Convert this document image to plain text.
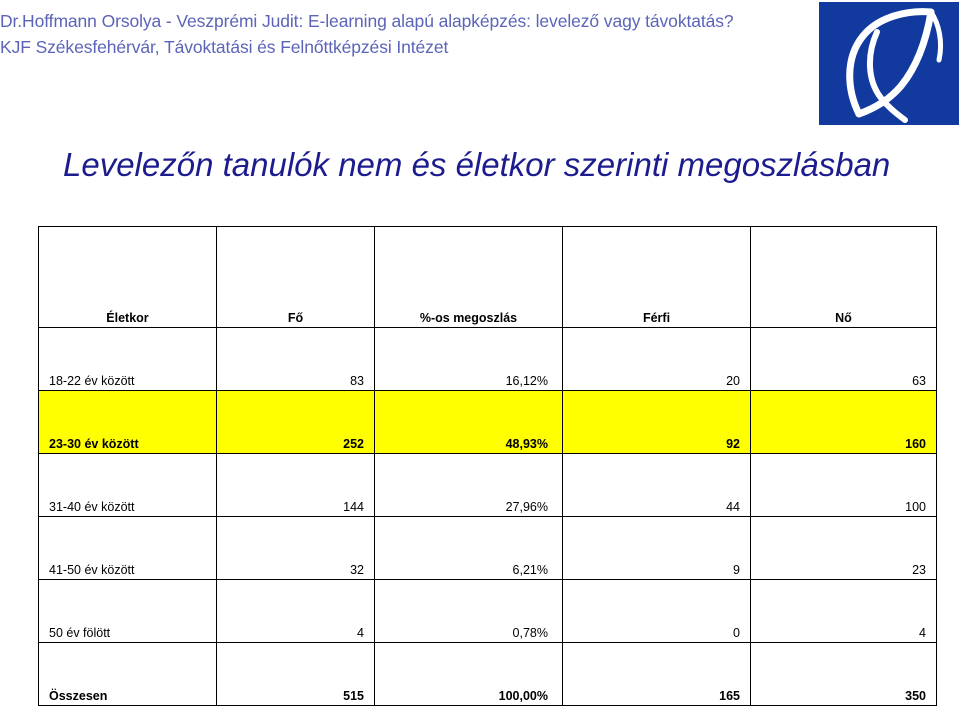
Dr.Hoffmann Orsolya - Veszprémi Judit: E-learning alapú alapképzés: levelező vagy távoktatás?
KJF Székesfehérvár, Távoktatási és Felnőttképzési Intézet
Levelezőn tanulók nem és életkor szerinti megoszlásban
Életkor	Fő	%-os megoszlás	Férfi	Nő
18-22 év között	83	16,12%	20	63
23-30 év között	252	48,93%	92	160
31-40 év között	144	27,96%	44	100
41-50 év között	32	6,21%	9	23
50 év fölött	4	0,78%	0	4
Összesen	515	100,00%	165	350
